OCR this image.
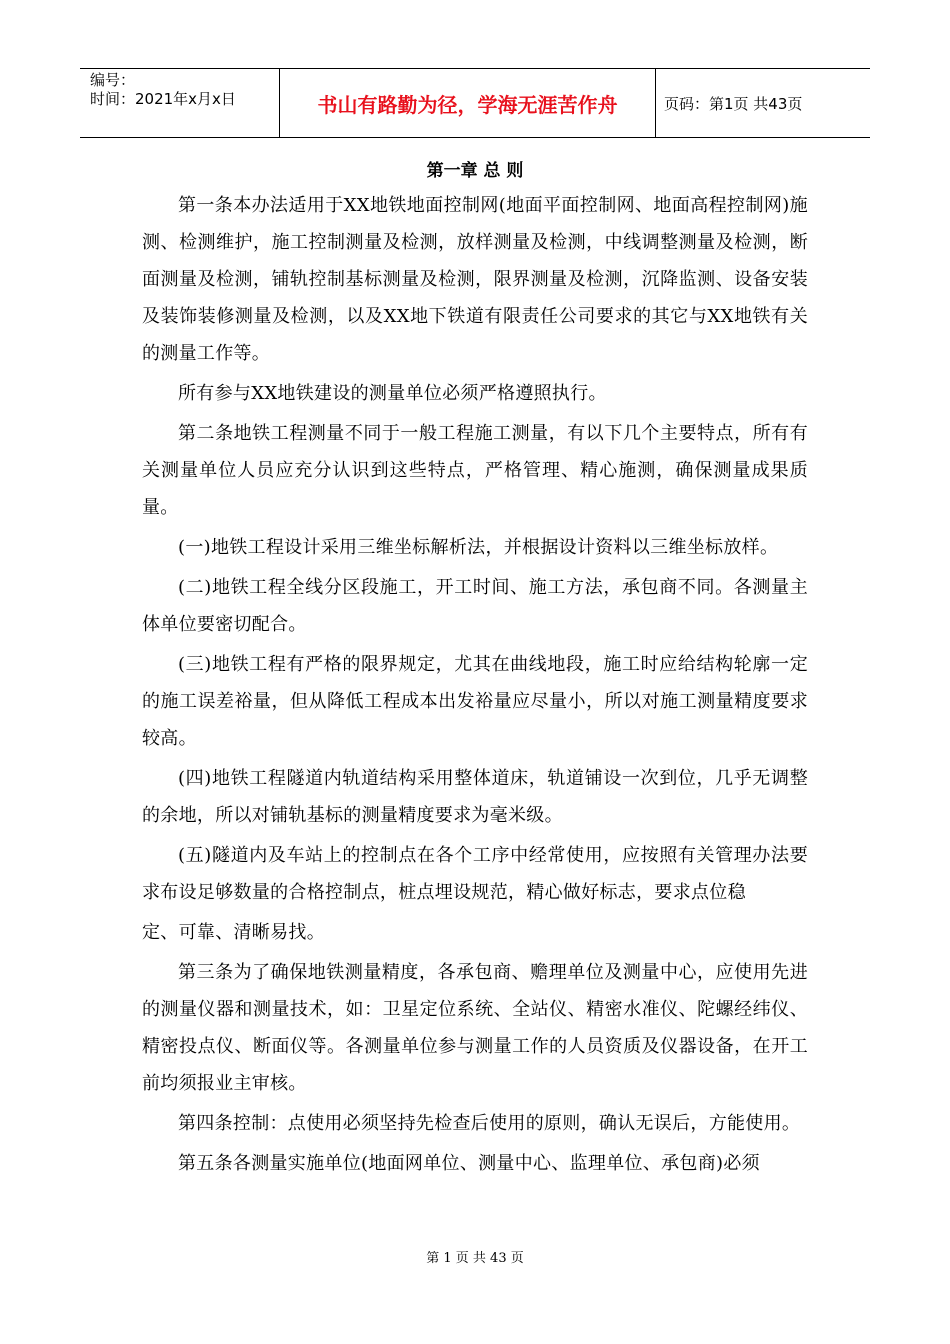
编号：
时间：2021年x月x日	书山有路勤为径，学海无涯苦作舟	页码：第1页 共43页
第一章 总 则

第一条本办法适用于XX地铁地面控制网(地面平面控制网、地面高程控制网)施测、检测维护，施工控制测量及检测，放样测量及检测，中线调整测量及检测，断面测量及检测，铺轨控制基标测量及检测，限界测量及检测，沉降监测、设备安装及装饰装修测量及检测，以及XX地下铁道有限责任公司要求的其它与XX地铁有关的测量工作等。

所有参与XX地铁建设的测量单位必须严格遵照执行。

第二条地铁工程测量不同于一般工程施工测量，有以下几个主要特点，所有有关测量单位人员应充分认识到这些特点，严格管理、精心施测，确保测量成果质量。

(一)地铁工程设计采用三维坐标解析法，并根据设计资料以三维坐标放样。

(二)地铁工程全线分区段施工，开工时间、施工方法，承包商不同。各测量主体单位要密切配合。

(三)地铁工程有严格的限界规定，尤其在曲线地段，施工时应给结构轮廓一定的施工误差裕量，但从降低工程成本出发裕量应尽量小，所以对施工测量精度要求较高。

(四)地铁工程隧道内轨道结构采用整体道床，轨道铺设一次到位，几乎无调整的余地，所以对铺轨基标的测量精度要求为毫米级。

(五)隧道内及车站上的控制点在各个工序中经常使用，应按照有关管理办法要求布设足够数量的合格控制点，桩点埋设规范，精心做好标志，要求点位稳

定、可靠、清晰易找。

第三条为了确保地铁测量精度，各承包商、赡理单位及测量中心，应使用先进的测量仪器和测量技术，如：卫星定位系统、全站仪、精密水准仪、陀螺经纬仪、精密投点仪、断面仪等。各测量单位参与测量工作的人员资质及仪器设备，在开工前均须报业主审核。

第四条控制：点使用必须坚持先检查后使用的原则，确认无误后，方能使用。

第五条各测量实施单位(地面网单位、测量中心、监理单位、承包商)必须

第 1 页 共 43 页
